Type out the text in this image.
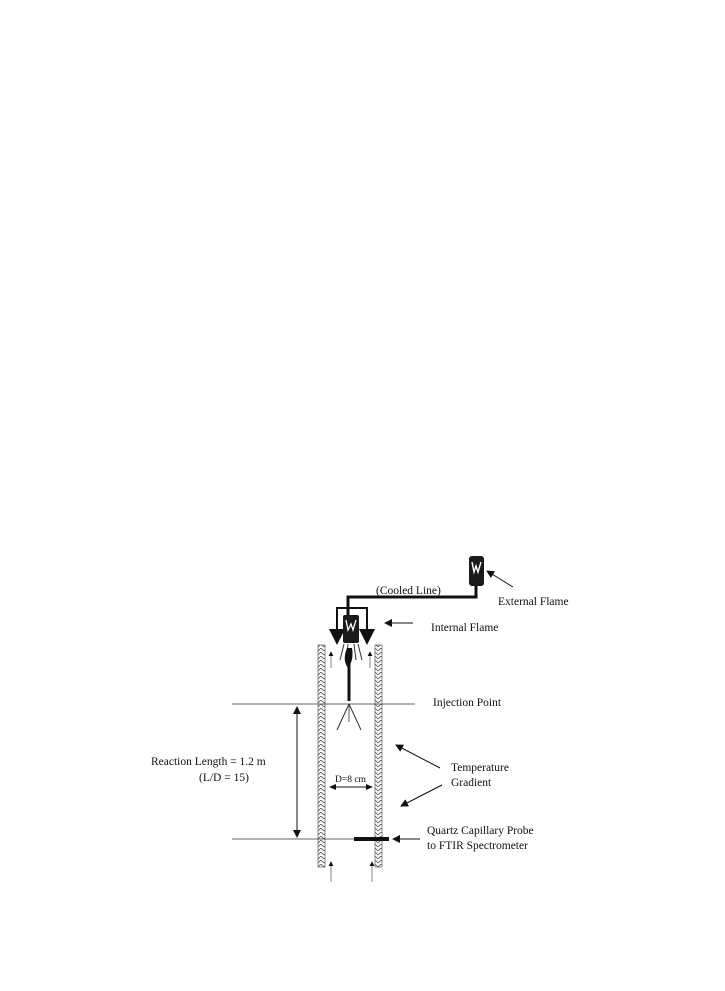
(Cooled Line)
External Flame
Internal Flame
Injection Point
Reaction Length = 1.2 m
(L/D = 15)	D=8 cm
Temperature
Gradient
Quartz Capillary Probe
to FTIR Spectrometer
